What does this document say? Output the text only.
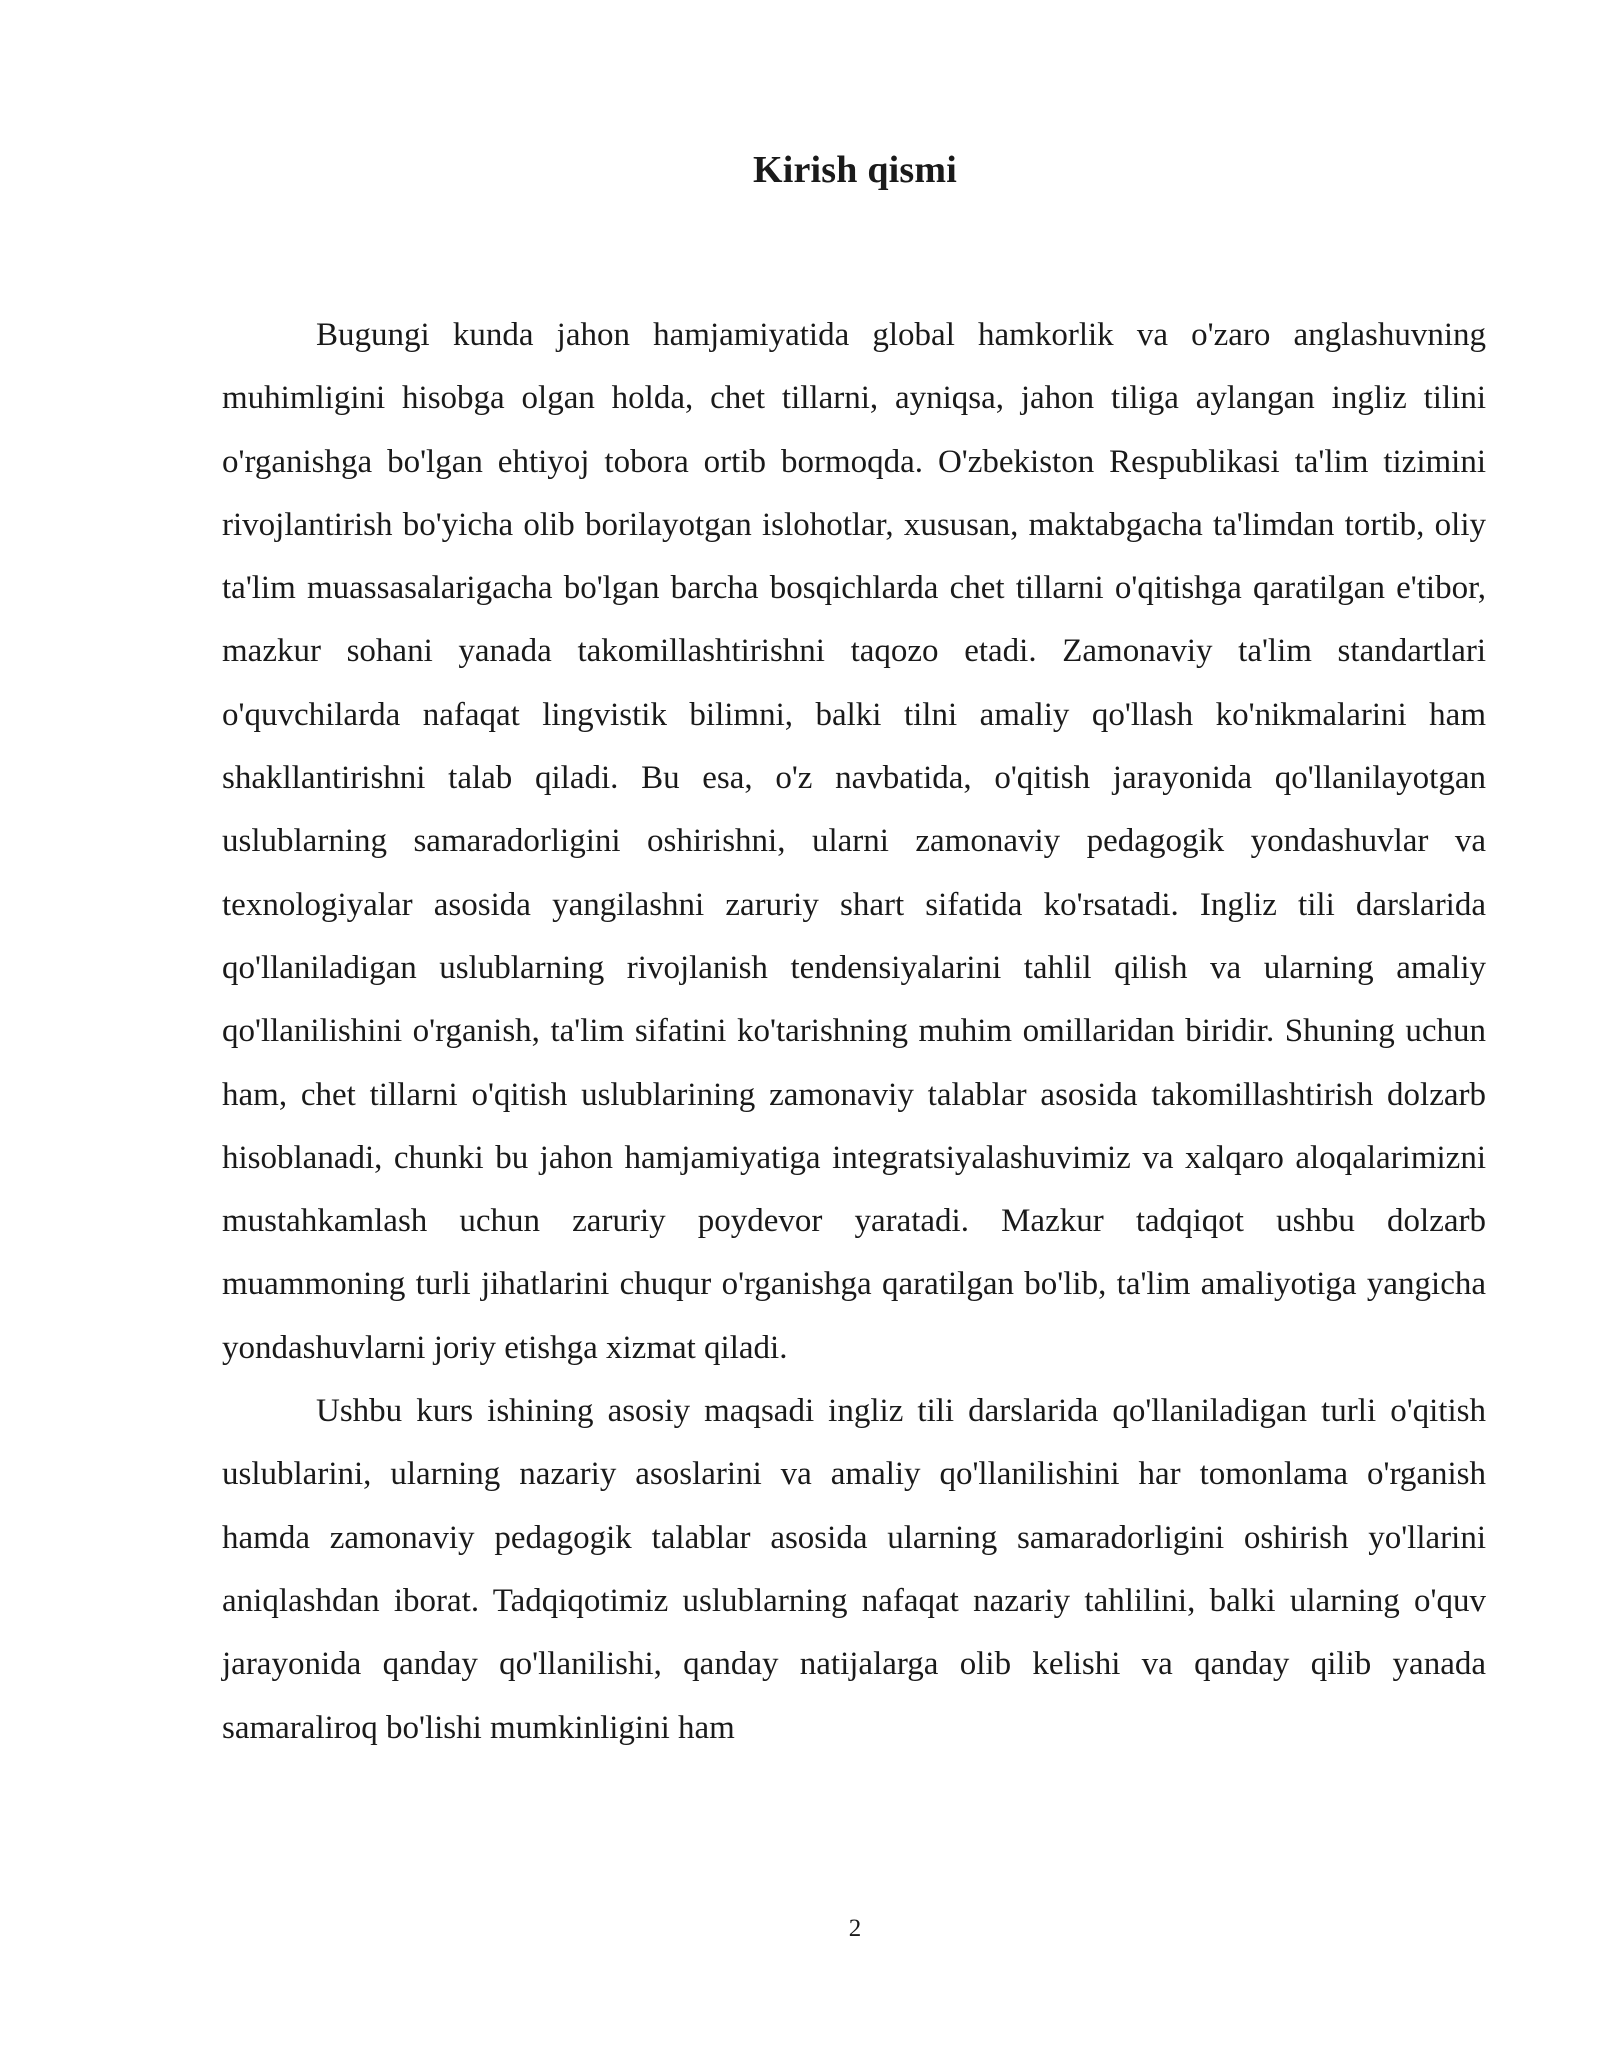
Kirish qismi

Bugungi kunda jahon hamjamiyatida global hamkorlik va o'zaro anglashuvning muhimligini hisobga olgan holda, chet tillarni, ayniqsa, jahon tiliga aylangan ingliz tilini o'rganishga bo'lgan ehtiyoj tobora ortib bormoqda. O'zbekiston Respublikasi ta'lim tizimini rivojlantirish bo'yicha olib borilayotgan islohotlar, xususan, maktabgacha ta'limdan tortib, oliy ta'lim muassasalarigacha bo'lgan barcha bosqichlarda chet tillarni o'qitishga qaratilgan e'tibor, mazkur sohani yanada takomillashtirishni taqozo etadi. Zamonaviy ta'lim standartlari o'quvchilarda nafaqat lingvistik bilimni, balki tilni amaliy qo'llash ko'nikmalarini ham shakllantirishni talab qiladi. Bu esa, o'z navbatida, o'qitish jarayonida qo'llanilayotgan uslublarning samaradorligini oshirishni, ularni zamonaviy pedagogik yondashuvlar va texnologiyalar asosida yangilashni zaruriy shart sifatida ko'rsatadi. Ingliz tili darslarida qo'llaniladigan uslublarning rivojlanish tendensiyalarini tahlil qilish va ularning amaliy qo'llanilishini o'rganish, ta'lim sifatini ko'tarishning muhim omillaridan biridir. Shuning uchun ham, chet tillarni o'qitish uslublarining zamonaviy talablar asosida takomillashtirish dolzarb hisoblanadi, chunki bu jahon hamjamiyatiga integratsiyalashuvimiz va xalqaro aloqalarimizni mustahkamlash uchun zaruriy poydevor yaratadi. Mazkur tadqiqot ushbu dolzarb muammoning turli jihatlarini chuqur o'rganishga qaratilgan bo'lib, ta'lim amaliyotiga yangicha yondashuvlarni joriy etishga xizmat qiladi.

Ushbu kurs ishining asosiy maqsadi ingliz tili darslarida qo'llaniladigan turli o'qitish uslublarini, ularning nazariy asoslarini va amaliy qo'llanilishini har tomonlama o'rganish hamda zamonaviy pedagogik talablar asosida ularning samaradorligini oshirish yo'llarini aniqlashdan iborat. Tadqiqotimiz uslublarning nafaqat nazariy tahlilini, balki ularning o'quv jarayonida qanday qo'llanilishi, qanday natijalarga olib kelishi va qanday qilib yanada samaraliroq bo'lishi mumkinligini ham

2
